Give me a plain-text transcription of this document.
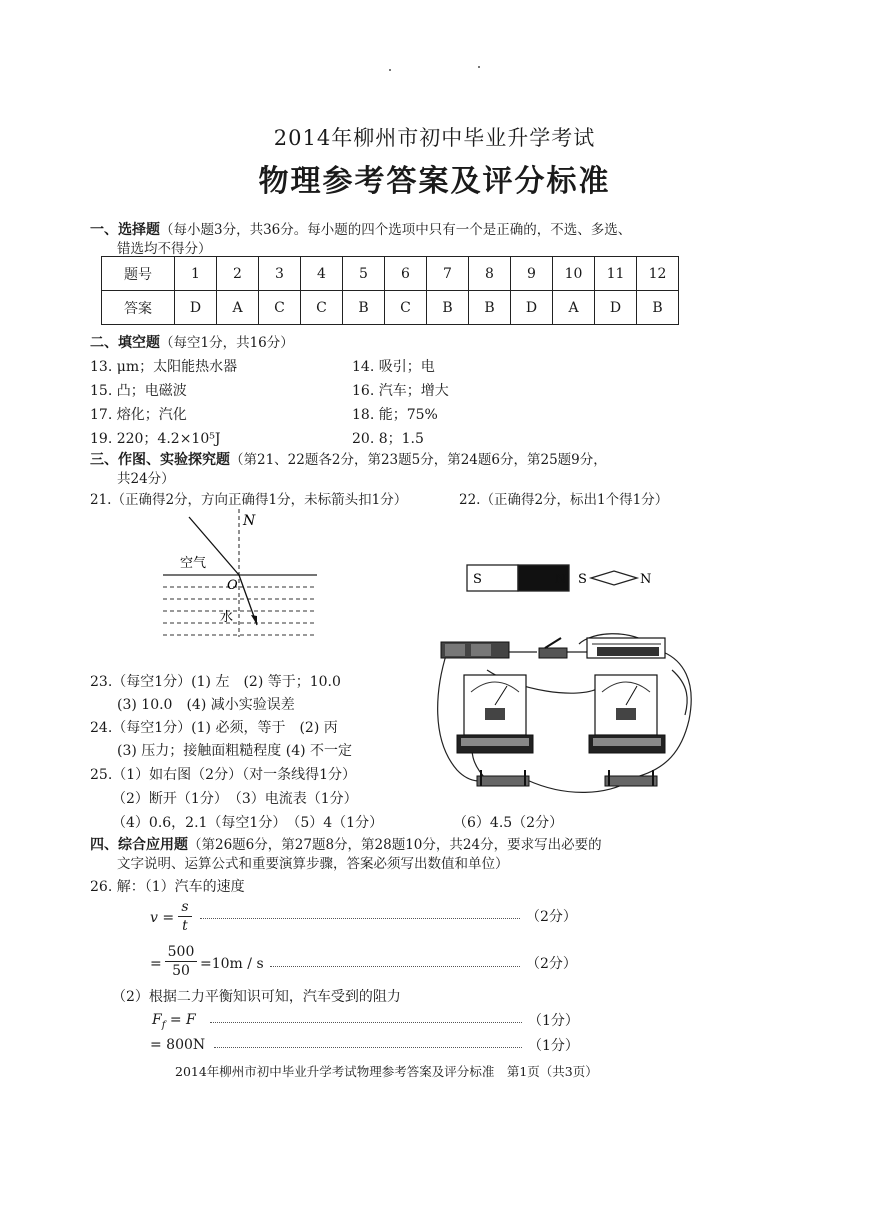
2014年柳州市初中毕业升学考试
物理参考答案及评分标准
一、选择题（每小题3分，共36分。每小题的四个选项中只有一个是正确的，不选、多选、
错选均不得分）
题号	1	2	3	4	5	6	7	8	9	10	11	12
答案	D	A	C	C	B	C	B	B	D	A	D	B
二、填空题（每空1分，共16分）
13. μm；太阳能热水器	14. 吸引；电
15. 凸；电磁波	16. 汽车；增大
17. 熔化；汽化	18. 能；75%
19. 220；4.2×10⁵J	20. 8；1.5
三、作图、实验探究题（第21、22题各2分，第23题5分，第24题6分，第25题9分，
共24分）
21.（正确得2分，方向正确得1分，未标箭头扣1分）	22.（正确得2分，标出1个得1分）
N
空气
O
水
S	N S	N
23.（每空1分）(1) 左　(2) 等于；10.0
(3) 10.0　(4) 减小实验误差
24.（每空1分）(1) 必须，等于　(2) 丙
(3) 压力；接触面粗糙程度 (4) 不一定
25.（1）如右图（2分）（对一条线得1分）
（2）断开（1分）　（3）电流表（1分）
（4）0.6，2.1（每空1分）　（5）4（1分）	（6）4.5（2分）
四、综合应用题（第26题6分，第27题8分，第28题10分，共24分，要求写出必要的
文字说明、运算公式和重要演算步骤，答案必须写出数值和单位）
26. 解：（1）汽车的速度
v =
s
t
（2分）
=
500
50 =10m / s	（2分）
（2）根据二力平衡知识可知，汽车受到的阻力
$F_f = F$	（1分）
= 800N	（1分）
2014年柳州市初中毕业升学考试物理参考答案及评分标准　第1页（共3页）
